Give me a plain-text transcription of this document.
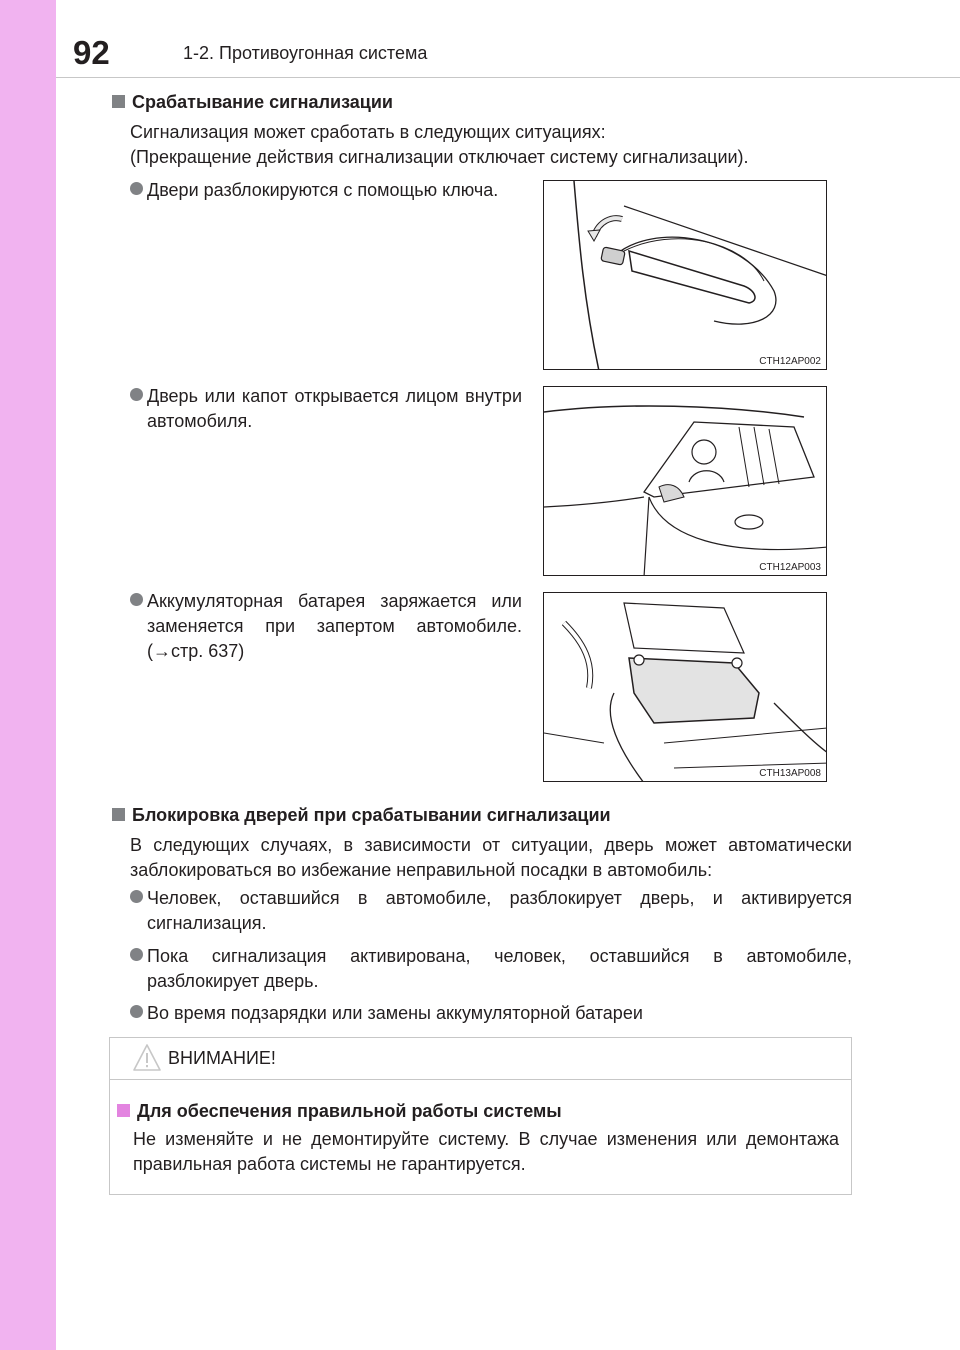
92	1-2. Противоугонная система
Срабатывание сигнализации
Сигнализация может сработать в следующих ситуациях:
(Прекращение действия сигнализации отключает систему сигнализации).
Двери разблокируются с помощью ключа.
Дверь или капот открывается лицом внутри автомобиля.
Аккумуляторная батарея заряжается или заменяется при запертом автомобиле. (→стр. 637)
CTH12AP002
CTH12AP003
CTH13AP008
Блокировка дверей при срабатывании сигнализации
В следующих случаях, в зависимости от ситуации, дверь может автоматически заблокироваться во избежание неправильной посадки в автомобиль:
Человек, оставшийся в автомобиле, разблокирует дверь, и активируется сигнализация.
Пока сигнализация активирована, человек, оставшийся в автомобиле, разблокирует дверь.
Во время подзарядки или замены аккумуляторной батареи
ВНИМАНИЕ!
Для обеспечения правильной работы системы
Не изменяйте и не демонтируйте систему. В случае изменения или демонтажа правильная работа системы не гарантируется.
